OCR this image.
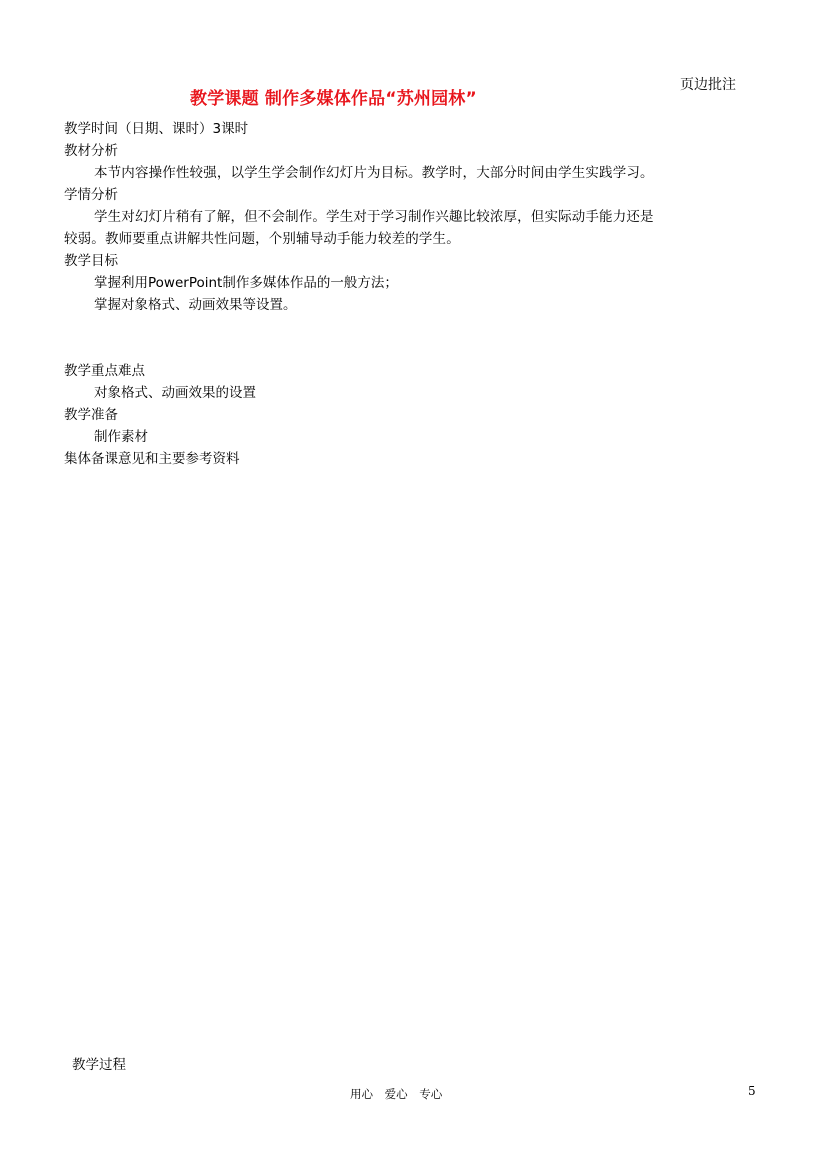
教学课题 制作多媒体作品“苏州园林”
页边批注
教学时间（日期、课时）3课时
教材分析
本节内容操作性较强，以学生学会制作幻灯片为目标。教学时，大部分时间由学生实践学习。
学情分析
学生对幻灯片稍有了解，但不会制作。学生对于学习制作兴趣比较浓厚，但实际动手能力还是较弱。教师要重点讲解共性问题，个别辅导动手能力较差的学生。
教学目标
掌握利用PowerPoint制作多媒体作品的一般方法；
掌握对象格式、动画效果等设置。
教学重点难点
对象格式、动画效果的设置
教学准备
制作素材
集体备课意见和主要参考资料
教学过程
用心 爱心 专心	5
